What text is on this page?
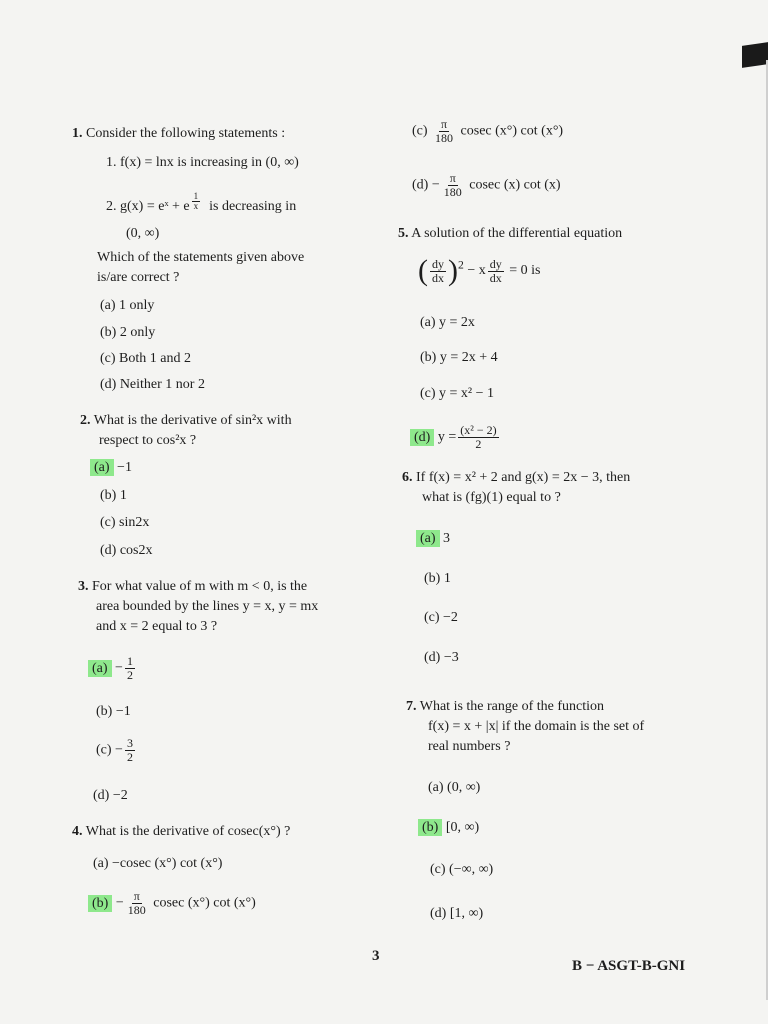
1. Consider the following statements :
1. f(x) = lnx is increasing in (0, ∞)
2. g(x) = eˣ + e $^{\frac{1}{x}}$ is decreasing in
(0, ∞)
Which of the statements given above
is/are correct ?
(a) 1 only
(b) 2 only
(c) Both 1 and 2
(d) Neither 1 nor 2
2. What is the derivative of sin²x with
respect to cos²x ?
(a) −1
(b) 1
(c) sin2x
(d) cos2x
3. For what value of m with m < 0, is the
area bounded by the lines y = x, y = mx
and x = 2 equal to 3 ?
$(a) - \frac{1}{2}$
(b) −1
$(c) - \frac{3}{2}$
(d) −2
4. What is the derivative of cosec(x°) ?
(a) −cosec (x°) cot (x°)
$(b) - \frac{\pi}{180}$ cosec (x°) cot (x°)
$(c) \frac{\pi}{180}$ cosec (x°) cot (x°)
$(d) - \frac{\pi}{180}$ cosec (x) cot (x)
5. A solution of the differential equation
( $\frac{dy}{dx} )^2 - x \frac{dy}{dx} = 0$ is
(a) y = 2x
(b) y = 2x + 4
(c) y = x² − 1
(d) $y = \frac{\text{(x² − 2)}}{2}$
6. If f(x) = x² + 2 and g(x) = 2x − 3, then
what is (fg)(1) equal to ?
(a) 3
(b) 1
(c) −2
(d) −3
7. What is the range of the function
f(x) = x + |x| if the domain is the set of
real numbers ?
(a) (0, ∞)
(b) [0, ∞)
(c) (−∞, ∞)
(d) [1, ∞)
3
B − ASGT-B-GNI
